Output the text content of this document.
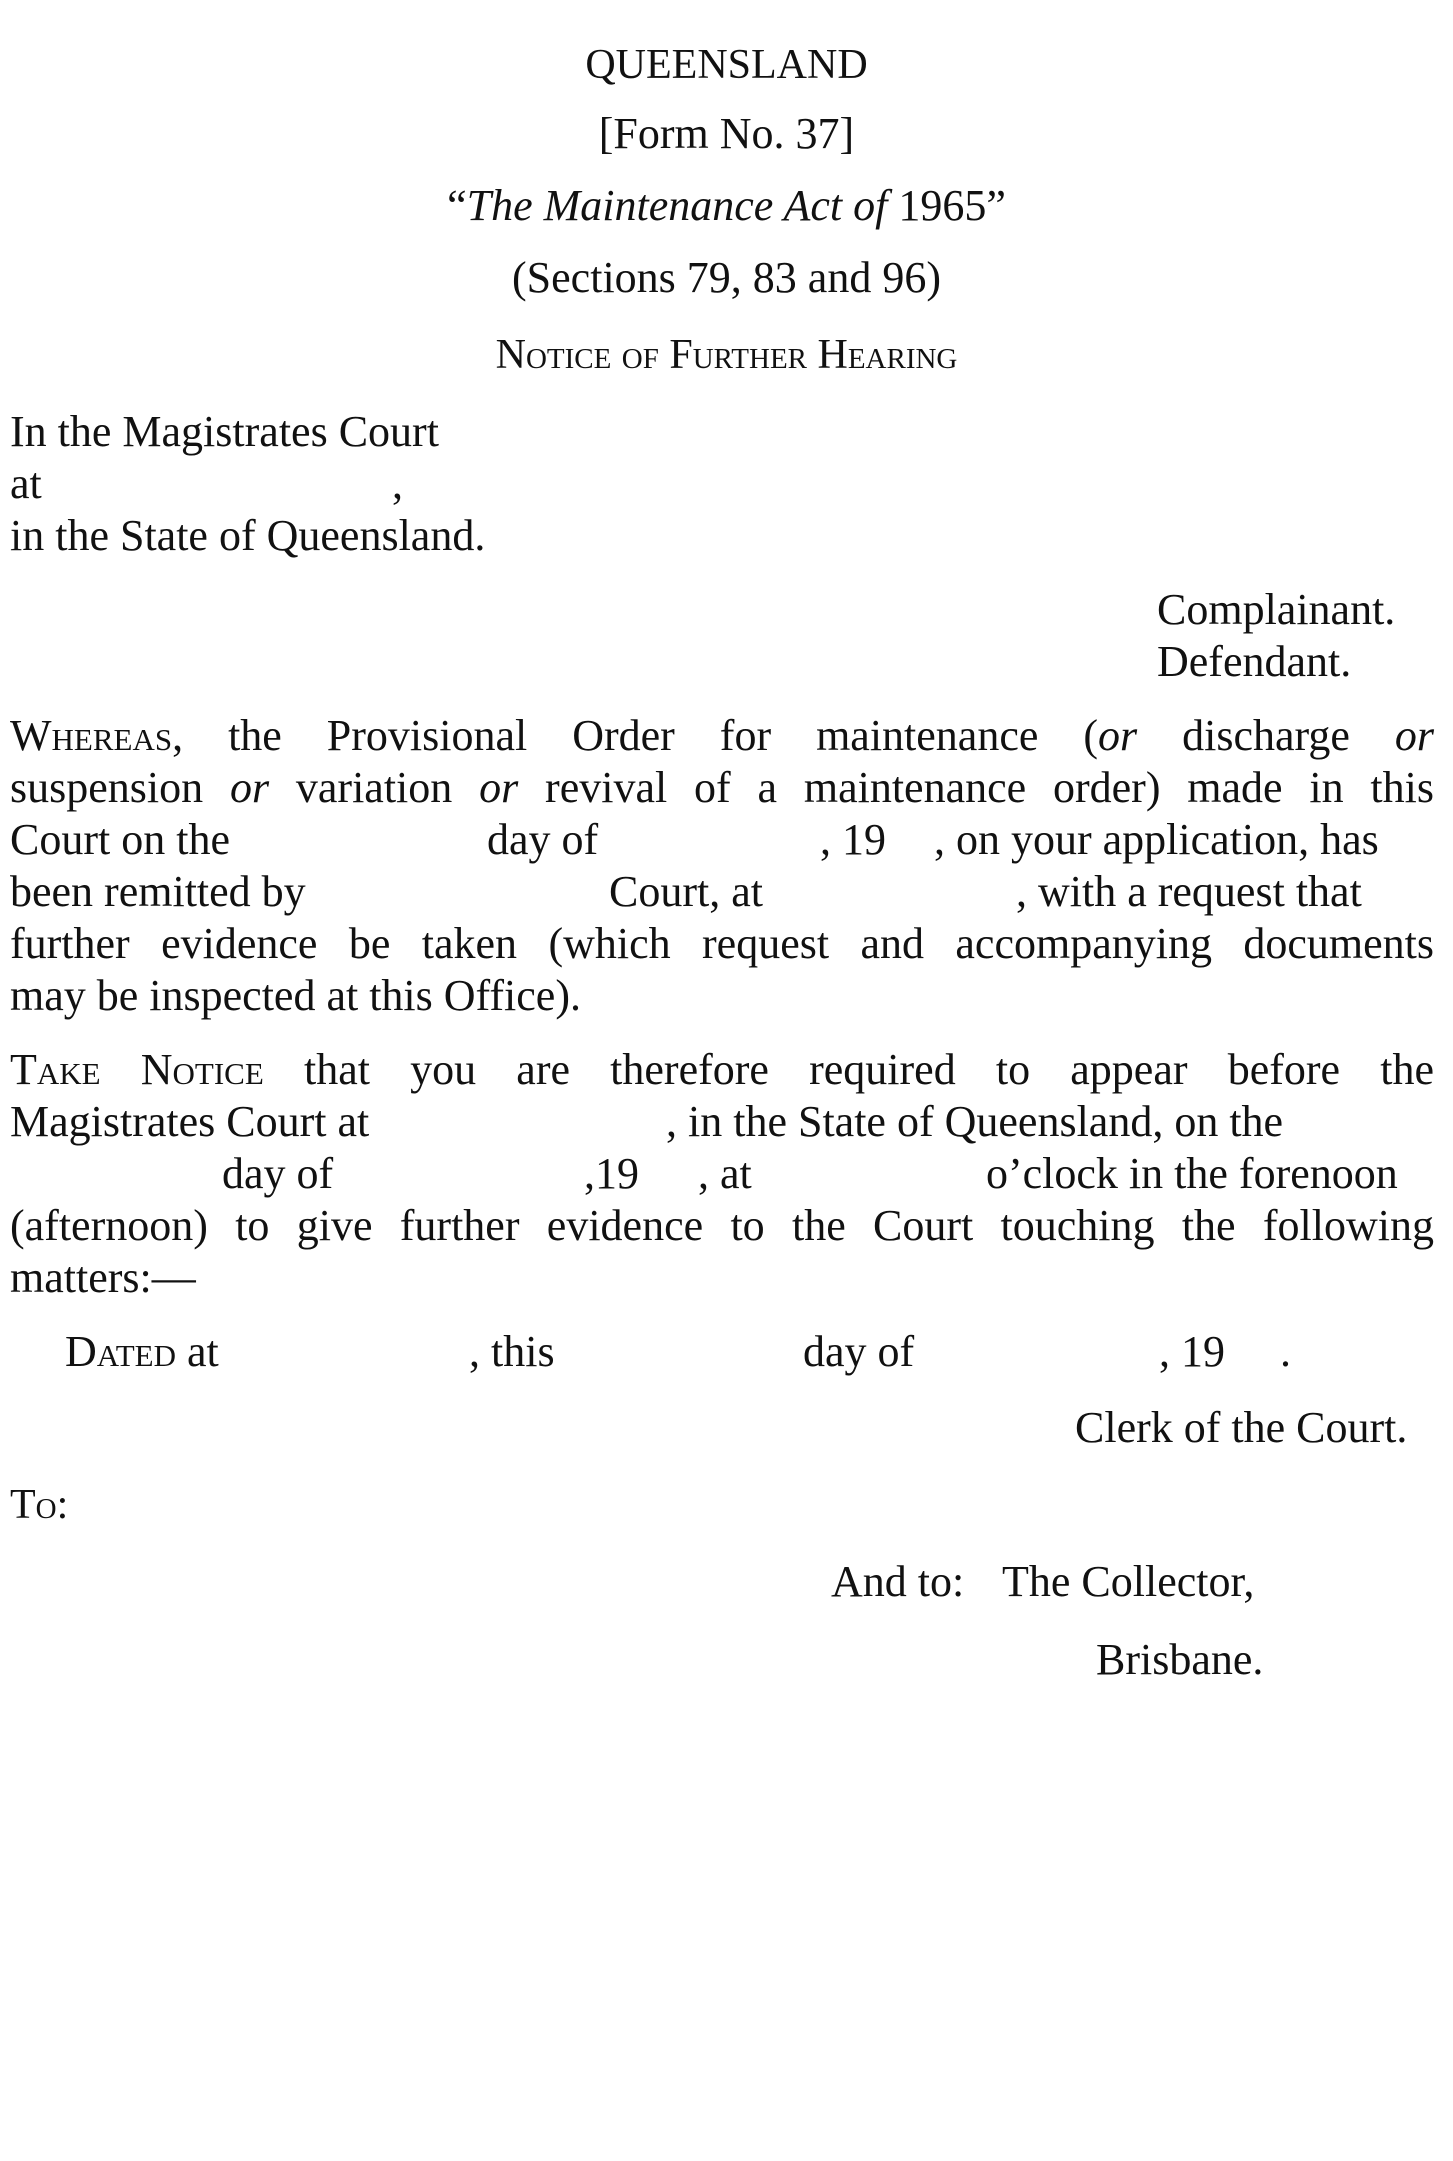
QUEENSLAND
[Form No. 37]
“The Maintenance Act of 1965”
(Sections 79, 83 and 96)
Notice of Further Hearing
In the Magistrates Court
at	,
in the State of Queensland.
Complainant.
Defendant.
Whereas, the Provisional Order for maintenance (or discharge or
suspension or variation or revival of a maintenance order) made in this
Court on the	day of	, 19 , on your application, has
been remitted by	Court, at	, with a request that
further evidence be taken (which request and accompanying documents
may be inspected at this Office).
Take Notice that you are therefore required to appear before the
Magistrates Court at	, in the State of Queensland, on the
day of	,19 , at	o’clock in the forenoon
(afternoon) to give further evidence to the Court touching the following
matters:—
Dated at	, this	day of	, 19 .
Clerk of the Court.
To:
And to: The Collector,
Brisbane.
